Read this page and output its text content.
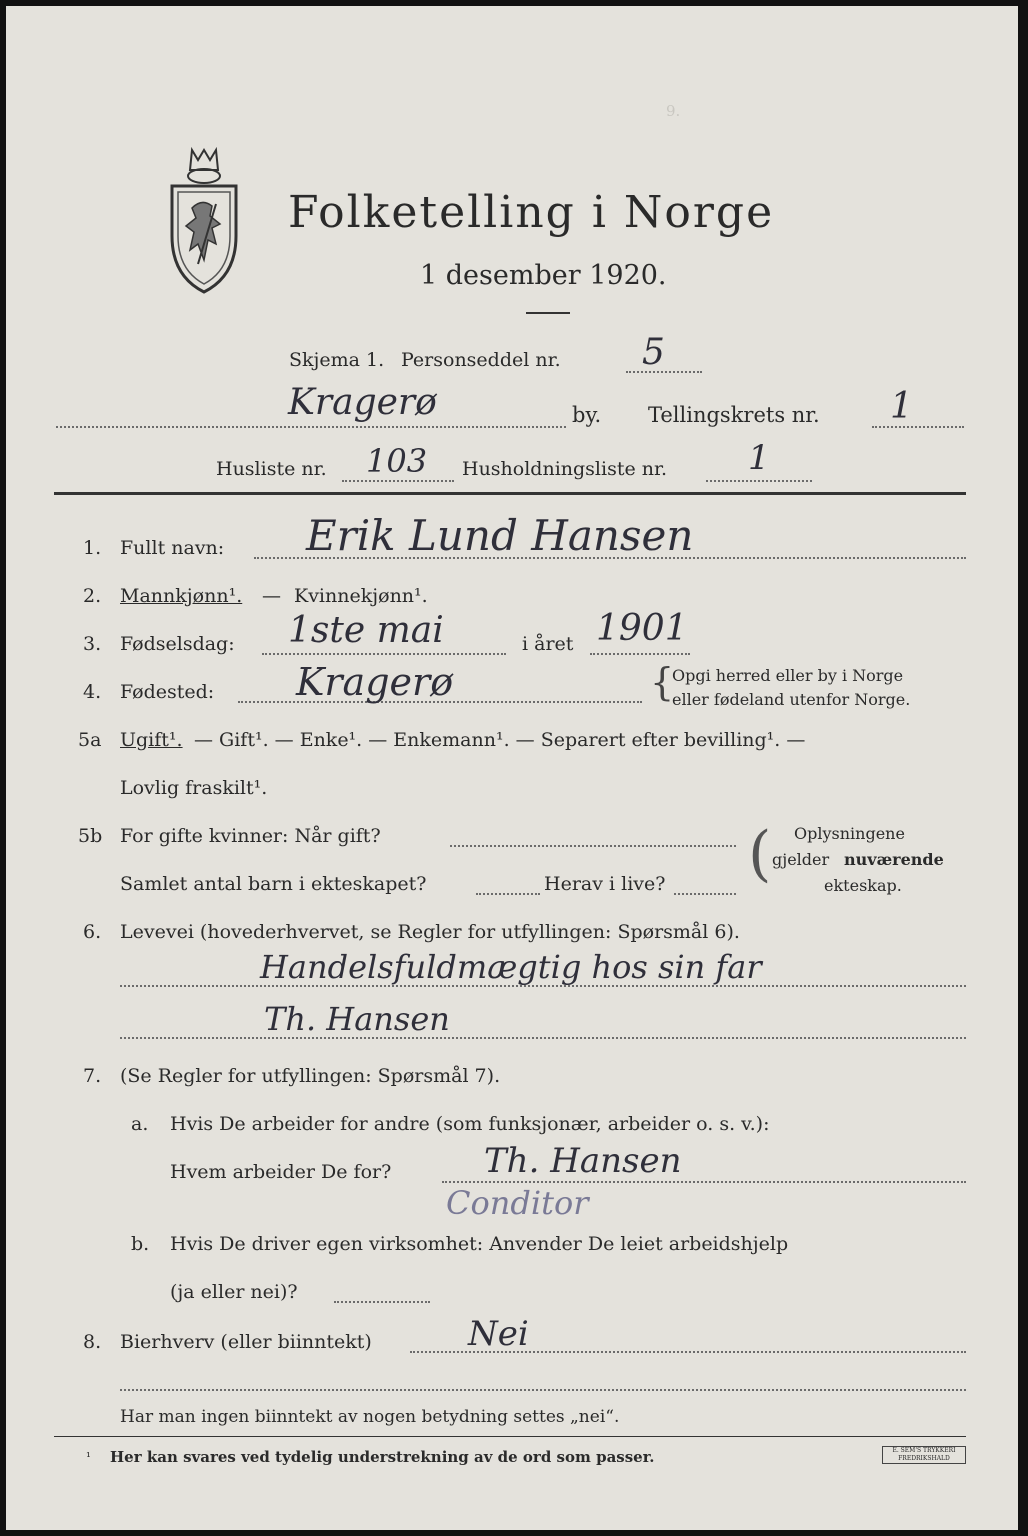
9.
Folketelling i Norge
1 desember 1920.
Skjema 1. Personseddel nr. 5
Kragerø	by. Tellingskrets nr. 1
Husliste nr. 103 Husholdningsliste nr. 1
1. Fullt navn: Erik Lund Hansen
2. Mannkjønn¹. — Kvinnekjønn¹.
3. Fødselsdag: 1ste mai	i året 1901
4. Fødested: Kragerø	{
Opgi herred eller by i Norge
eller fødeland utenfor Norge.
5a Ugift¹. — Gift¹. — Enke¹. — Enkemann¹. — Separert efter bevilling¹. —
Lovlig fraskilt¹.
5b For gifte kvinner: Når gift?
Samlet antal barn i ekteskapet?	Herav i live? ( Oplysningene
gjelder nuværende
ekteskap.
6. Levevei (hovederhvervet, se Regler for utfyllingen: Spørsmål 6).
Handelsfuldmægtig hos sin far
Th. Hansen
7. (Se Regler for utfyllingen: Spørsmål 7).
a. Hvis De arbeider for andre (som funksjonær, arbeider o. s. v.):
Hvem arbeider De for?	Th. Hansen
Conditor
b. Hvis De driver egen virksomhet: Anvender De leiet arbeidshjelp
(ja eller nei)?
8. Bierhverv (eller biinntekt)	Nei
Har man ingen biinntekt av nogen betydning settes „nei“.
¹ Her kan svares ved tydelig understrekning av de ord som passer.	E. SEM'S TRYKKERI FREDRIKSHALD
